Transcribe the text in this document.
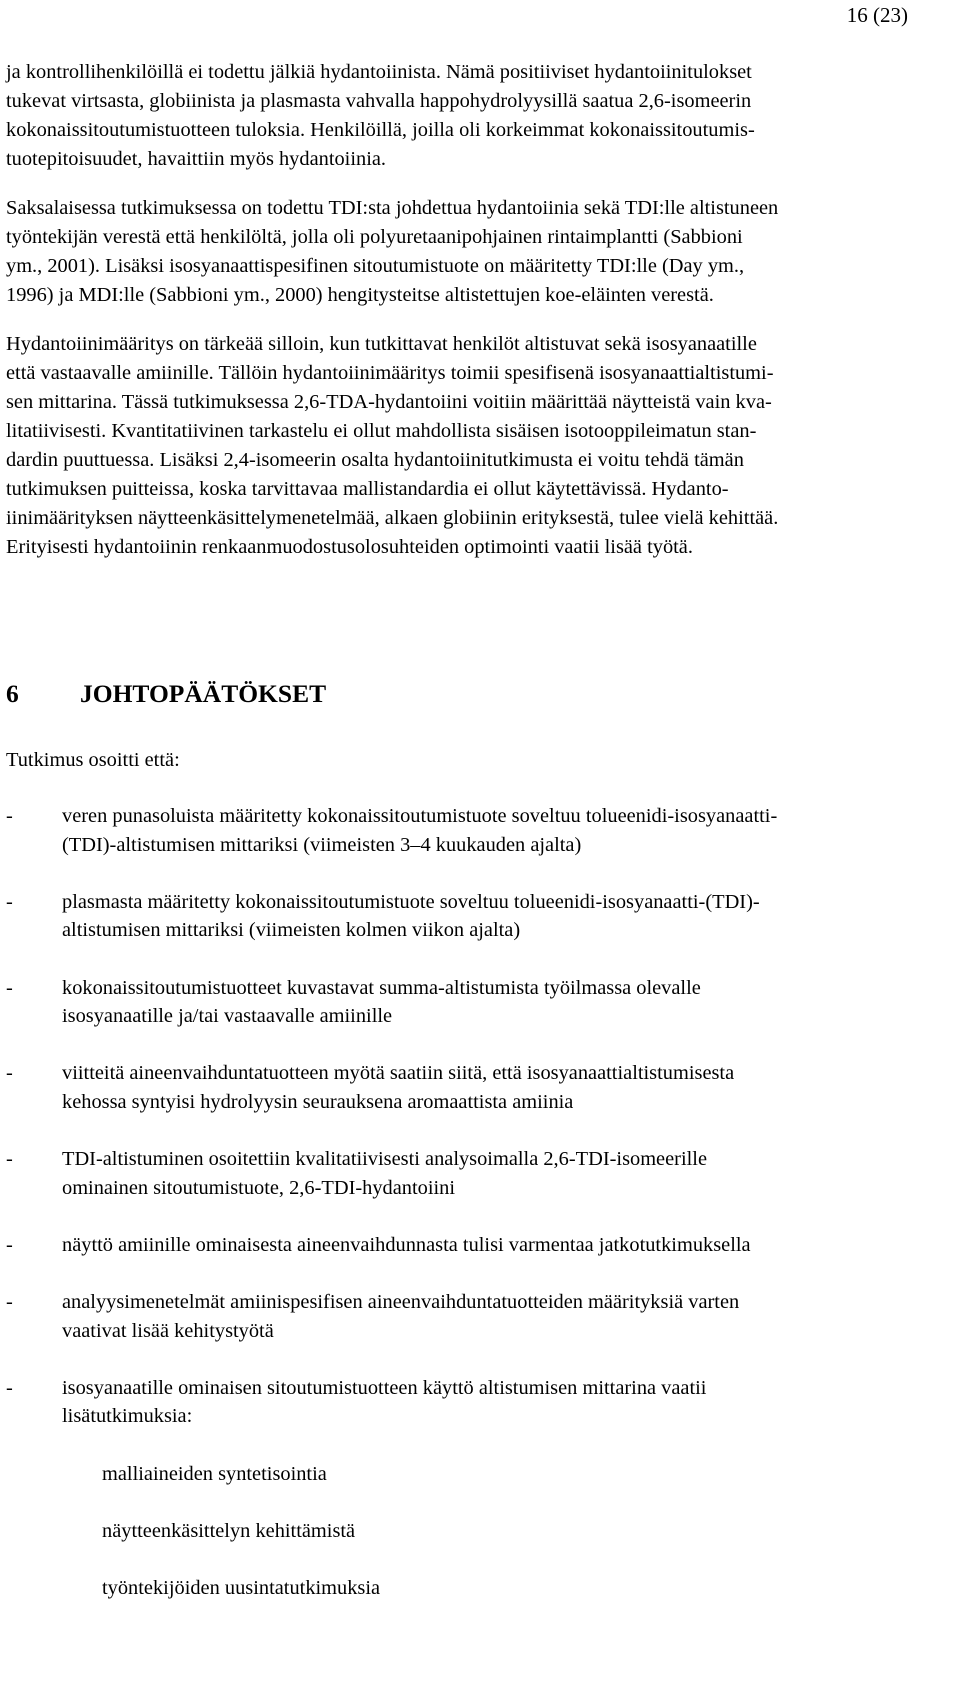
16 (23)

ja kontrollihenkilöillä ei todettu jälkiä hydantoiinista. Nämä positiiviset hydantoiinitulokset
tukevat virtsasta, globiinista ja plasmasta vahvalla happohydrolyysillä saatua 2,6-isomeerin
kokonaissitoutumistuotteen tuloksia. Henkilöillä, joilla oli korkeimmat kokonaissitoutumis-
tuotepitoisuudet, havaittiin myös hydantoiinia.

Saksalaisessa tutkimuksessa on todettu TDI:sta johdettua hydantoiinia sekä TDI:lle altistuneen
työntekijän verestä että henkilöltä, jolla oli polyuretaanipohjainen rintaimplantti (Sabbioni
ym., 2001). Lisäksi isosyanaattispesifinen sitoutumistuote on määritetty TDI:lle (Day ym.,
1996) ja MDI:lle (Sabbioni ym., 2000) hengitysteitse altistettujen koe-eläinten verestä.

Hydantoiinimääritys on tärkeää silloin, kun tutkittavat henkilöt altistuvat sekä isosyanaatille
että vastaavalle amiinille. Tällöin hydantoiinimääritys toimii spesifisenä isosyanaattialtistumi-
sen mittarina. Tässä tutkimuksessa 2,6-TDA-hydantoiini voitiin määrittää näytteistä vain kva-
litatiivisesti. Kvantitatiivinen tarkastelu ei ollut mahdollista sisäisen isotooppileimatun stan-
dardin puuttuessa. Lisäksi 2,4-isomeerin osalta hydantoiinitutkimusta ei voitu tehdä tämän
tutkimuksen puitteissa, koska tarvittavaa mallistandardia ei ollut käytettävissä. Hydanto-
iinimäärityksen näytteenkäsittelymenetelmää, alkaen globiinin erityksestä, tulee vielä kehittää.
Erityisesti hydantoiinin renkaanmuodostusolosuhteiden optimointi vaatii lisää työtä.

6 JOHTOPÄÄTÖKSET

Tutkimus osoitti että:

- veren punasoluista määritetty kokonaissitoutumistuote soveltuu tolueenidi-isosyanaatti-
(TDI)-altistumisen mittariksi (viimeisten 3–4 kuukauden ajalta)
- plasmasta määritetty kokonaissitoutumistuote soveltuu tolueenidi-isosyanaatti-(TDI)-
altistumisen mittariksi (viimeisten kolmen viikon ajalta)
- kokonaissitoutumistuotteet kuvastavat summa-altistumista työilmassa olevalle
isosyanaatille ja/tai vastaavalle amiinille
- viitteitä aineenvaihduntatuotteen myötä saatiin siitä, että isosyanaattialtistumisesta
kehossa syntyisi hydrolyysin seurauksena aromaattista amiinia
- TDI-altistuminen osoitettiin kvalitatiivisesti analysoimalla 2,6-TDI-isomeerille
ominainen sitoutumistuote, 2,6-TDI-hydantoiini
- näyttö amiinille ominaisesta aineenvaihdunnasta tulisi varmentaa jatkotutkimuksella
- analyysimenetelmät amiinispesifisen aineenvaihduntatuotteiden määrityksiä varten
vaativat lisää kehitystyötä
- isosyanaatille ominaisen sitoutumistuotteen käyttö altistumisen mittarina vaatii
lisätutkimuksia:

malliaineiden syntetisointia

näytteenkäsittelyn kehittämistä

työntekijöiden uusintatutkimuksia
